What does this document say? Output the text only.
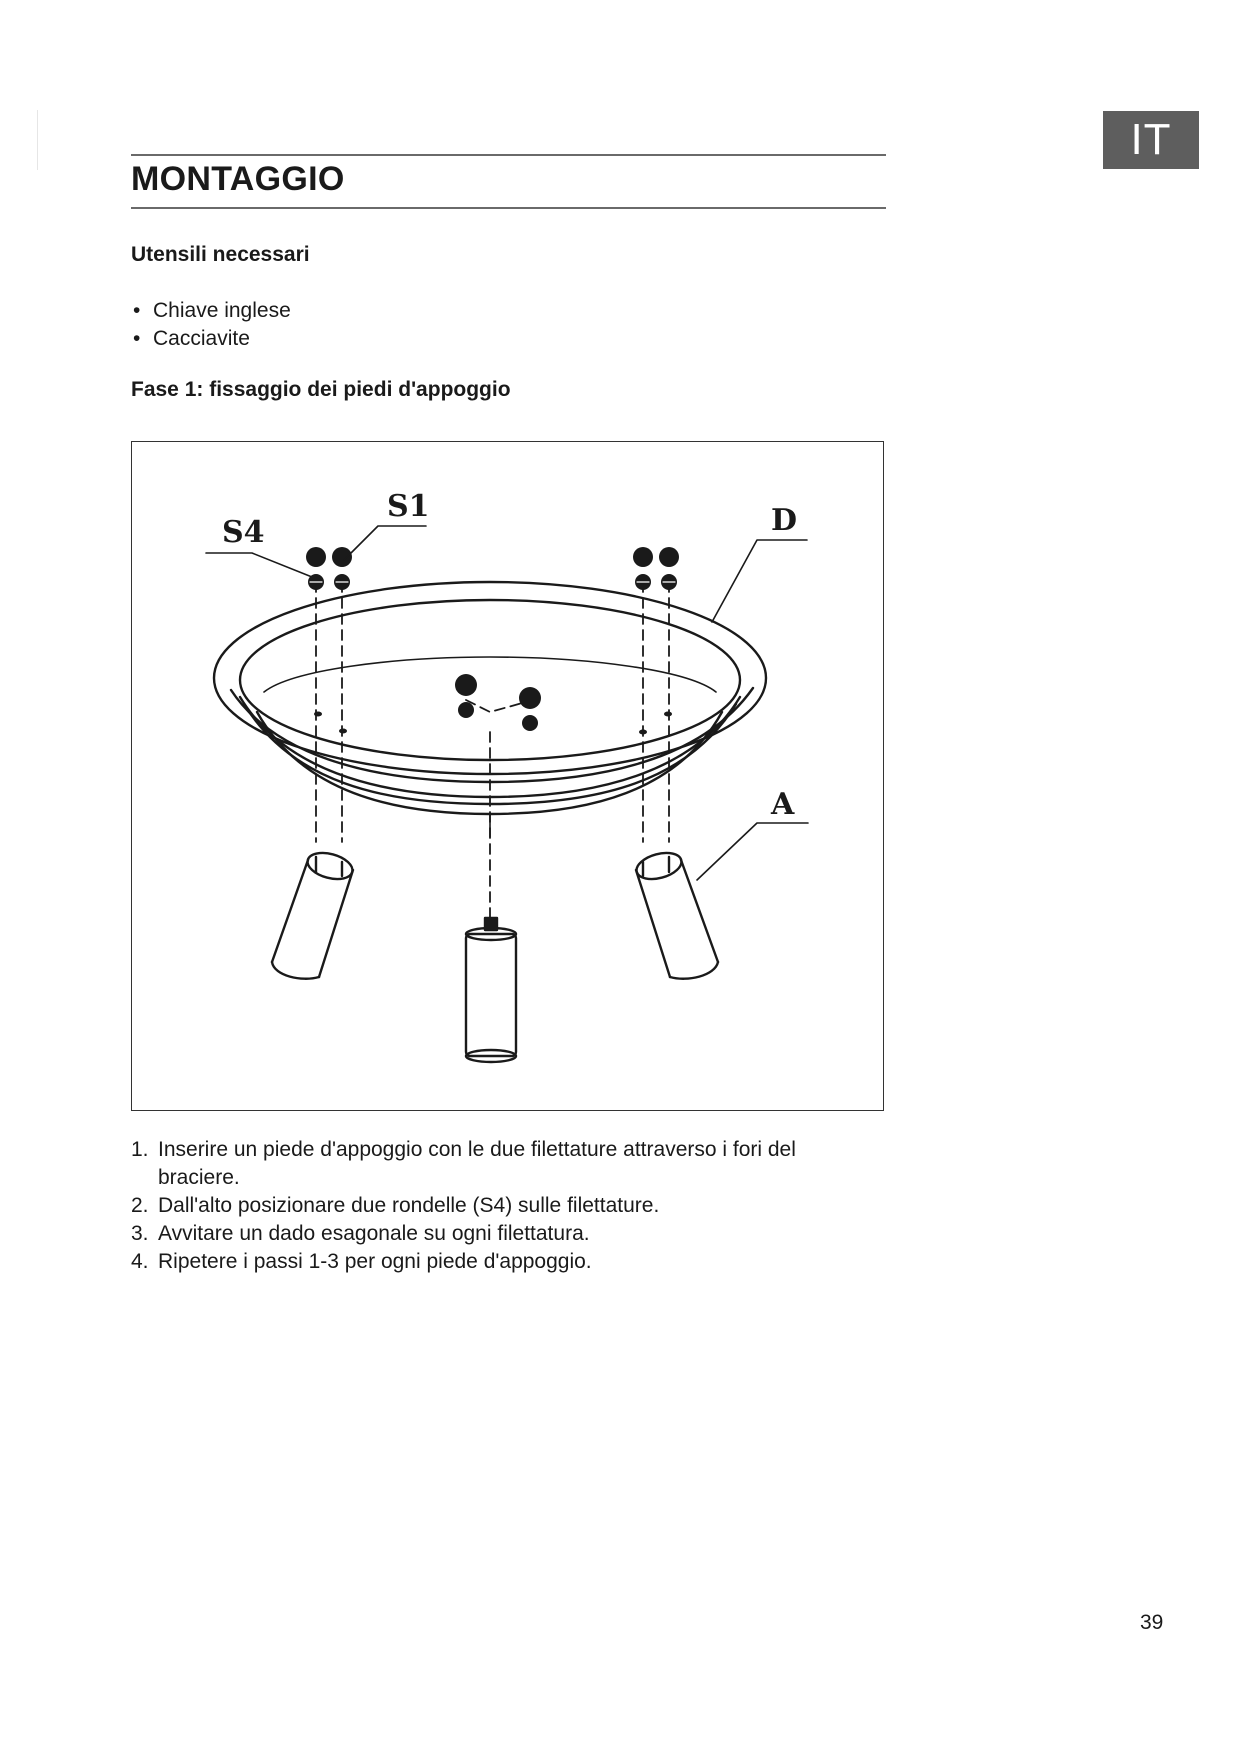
IT
MONTAGGIO
Utensili necessari
• Chiave inglese
• Cacciavite
Fase 1: fissaggio dei piedi d'appoggio
S4
S1	D
A
1. Inserire un piede d'appoggio con le due filettature attraverso i fori del braciere.
2. Dall'alto posizionare due rondelle (S4) sulle filettature.
3. Avvitare un dado esagonale su ogni filettatura.
4. Ripetere i passi 1-3 per ogni piede d'appoggio.
39
